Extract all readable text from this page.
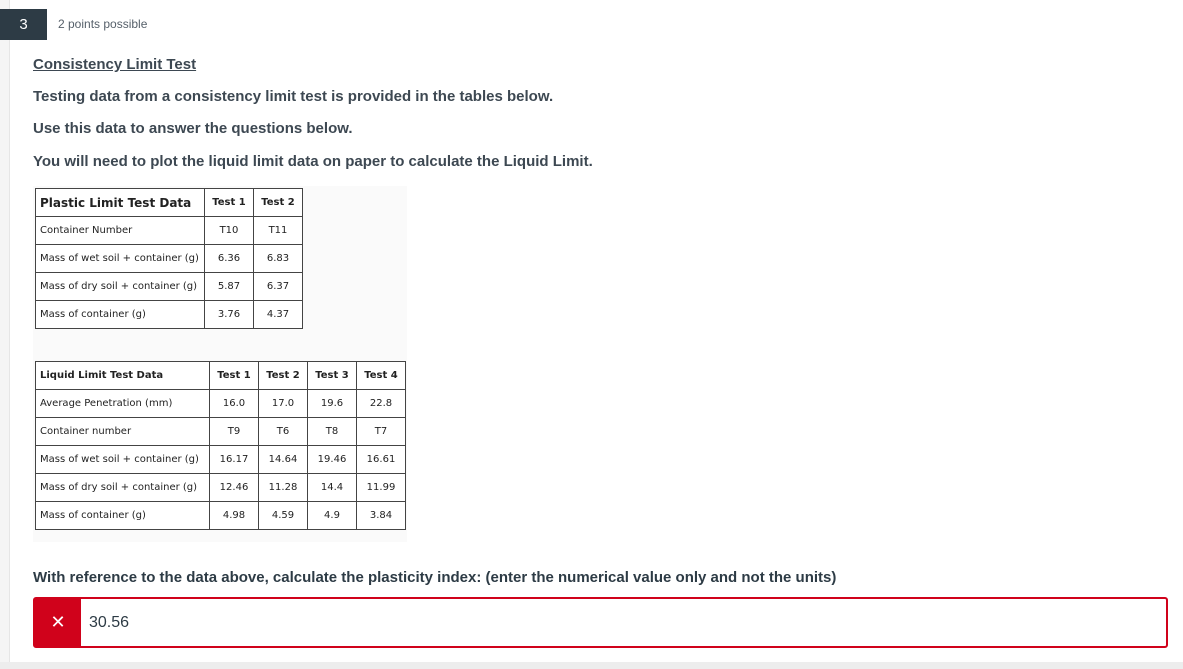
3	2 points possible

Consistency Limit Test

Testing data from a consistency limit test is provided in the tables below.

Use this data to answer the questions below.

You will need to plot the liquid limit data on paper to calculate the Liquid Limit.

Plastic Limit Test Data	Test 1	Test 2
Container Number	T10	T11
Mass of wet soil + container (g)	6.36	6.83
Mass of dry soil + container (g)	5.87	6.37
Mass of container (g)	3.76	4.37
Liquid Limit Test Data	Test 1	Test 2	Test 3	Test 4
Average Penetration (mm)	16.0	17.0	19.6	22.8
Container number	T9	T6	T8	T7
Mass of wet soil + container (g)	16.17	14.64	19.46	16.61
Mass of dry soil + container (g)	12.46	11.28	14.4	11.99
Mass of container (g)	4.98	4.59	4.9	3.84
With reference to the data above, calculate the plasticity index: (enter the numerical value only and not the units)
✕	30.56
